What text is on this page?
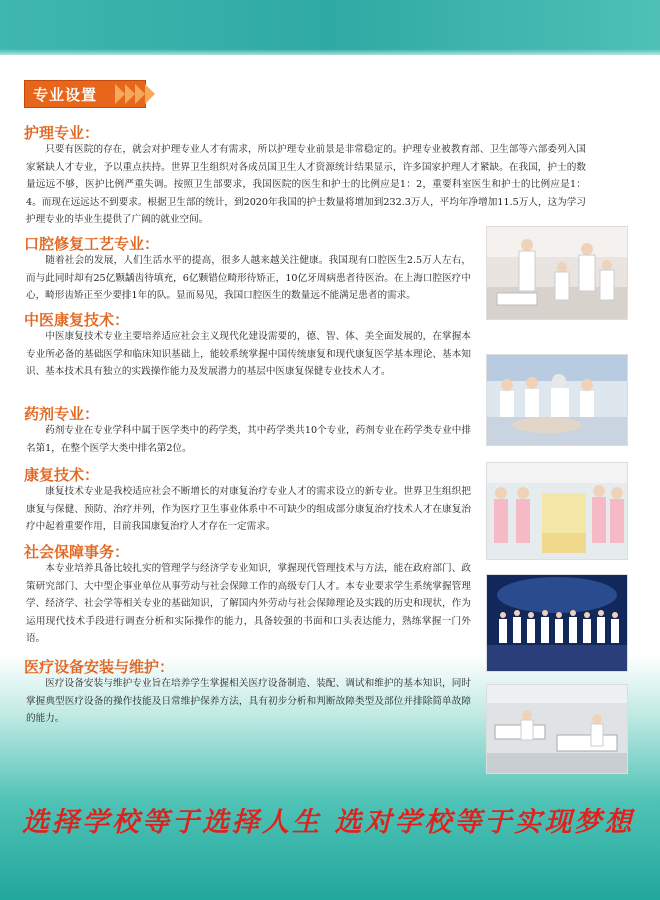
专业设置
护理专业：

只要有医院的存在，就会对护理专业人才有需求，所以护理专业前景是非常稳定的。护理专业被教育部、卫生部等六部委列入国家紧缺人才专业，予以重点扶持。世界卫生组织对各成员国卫生人才资源统计结果显示，许多国家护理人才紧缺。在我国，护士的数量远远不够，医护比例严重失调。按照卫生部要求，我国医院的医生和护士的比例应是1：2，重要科室医生和护士的比例应是1：4。而现在远远达不到要求。根据卫生部的统计，到2020年我国的护士数量将增加到232.3万人，平均年净增加11.5万人，这为学习护理专业的毕业生提供了广阔的就业空间。

口腔修复工艺专业：

随着社会的发展，人们生活水平的提高，很多人越来越关注健康。我国现有口腔医生2.5万人左右，而与此同时却有25亿颗龋齿待填充，6亿颗错位畸形待矫正，10亿牙周病患者待医治。在上海口腔医疗中心，畸形齿矫正至少要排1年的队。显而易见，我国口腔医生的数量远不能满足患者的需求。

中医康复技术：

中医康复技术专业主要培养适应社会主义现代化建设需要的，德、智、体、美全面发展的，在掌握本专业所必备的基础医学和临床知识基础上，能较系统掌握中国传统康复和现代康复医学基本理论、基本知识、基本技术具有独立的实践操作能力及发展潜力的基层中医康复保健专业技术人才。

药剂专业：

药剂专业在专业学科中属于医学类中的药学类，其中药学类共10个专业，药剂专业在药学类专业中排名第1，在整个医学大类中排名第2位。

康复技术：

康复技术专业是我校适应社会不断增长的对康复治疗专业人才的需求设立的新专业。世界卫生组织把康复与保健、预防、治疗并列，作为医疗卫生事业体系中不可缺少的组成部分康复治疗技术人才在康复治疗中起着重要作用，目前我国康复治疗人才存在一定需求。

社会保障事务：

本专业培养具备比较扎实的管理学与经济学专业知识，掌握现代管理技术与方法，能在政府部门、政策研究部门、大中型企事业单位从事劳动与社会保障工作的高级专门人才。本专业要求学生系统掌握管理学、经济学、社会学等相关专业的基础知识，了解国内外劳动与社会保障理论及实践的历史和现状，作为运用现代技术手段进行调查分析和实际操作的能力，具备较强的书面和口头表达能力，熟练掌握一门外语。

医疗设备安装与维护：

医疗设备安装与维护专业旨在培养学生掌握相关医疗设备制造、装配、调试和维护的基本知识，同时掌握典型医疗设备的操作技能及日常维护保养方法，具有初步分析和判断故障类型及部位并排除简单故障的能力。

选择学校等于选择人生 选对学校等于实现梦想
